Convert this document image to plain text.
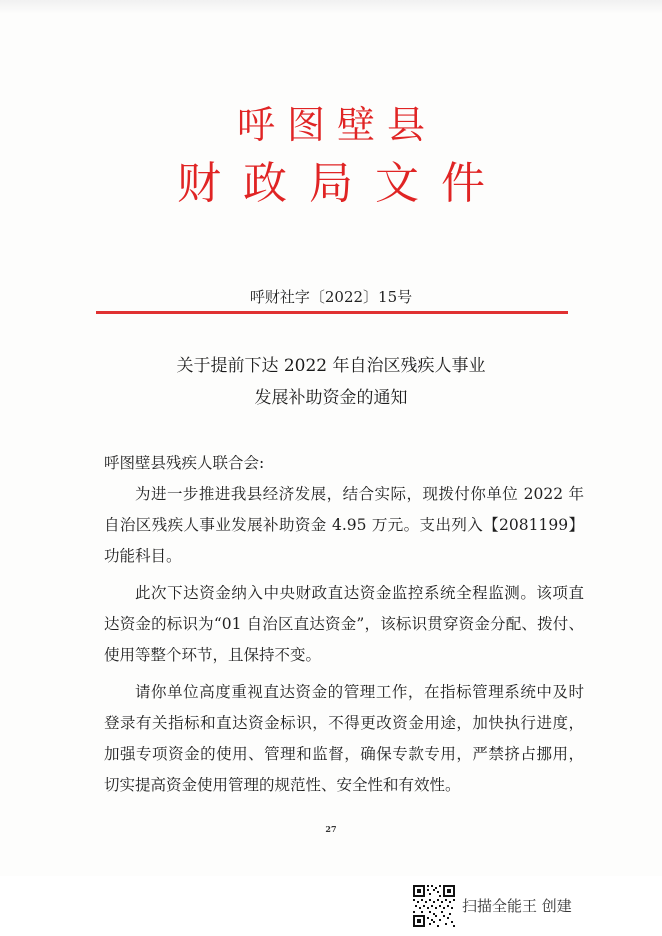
呼图壁县
财政局文件
呼财社字〔2022〕15号
关于提前下达 2022 年自治区残疾人事业
发展补助资金的通知

呼图壁县残疾人联合会:

为进一步推进我县经济发展，结合实际，现拨付你单位 2022 年自治区残疾人事业发展补助资金 4.95 万元。支出列入【2081199】功能科目。

此次下达资金纳入中央财政直达资金监控系统全程监测。该项直达资金的标识为“01 自治区直达资金”，该标识贯穿资金分配、拨付、使用等整个环节，且保持不变。

请你单位高度重视直达资金的管理工作，在指标管理系统中及时登录有关指标和直达资金标识，不得更改资金用途，加快执行进度，加强专项资金的使用、管理和监督，确保专款专用，严禁挤占挪用，切实提高资金使用管理的规范性、安全性和有效性。

27
扫描全能王 创建
